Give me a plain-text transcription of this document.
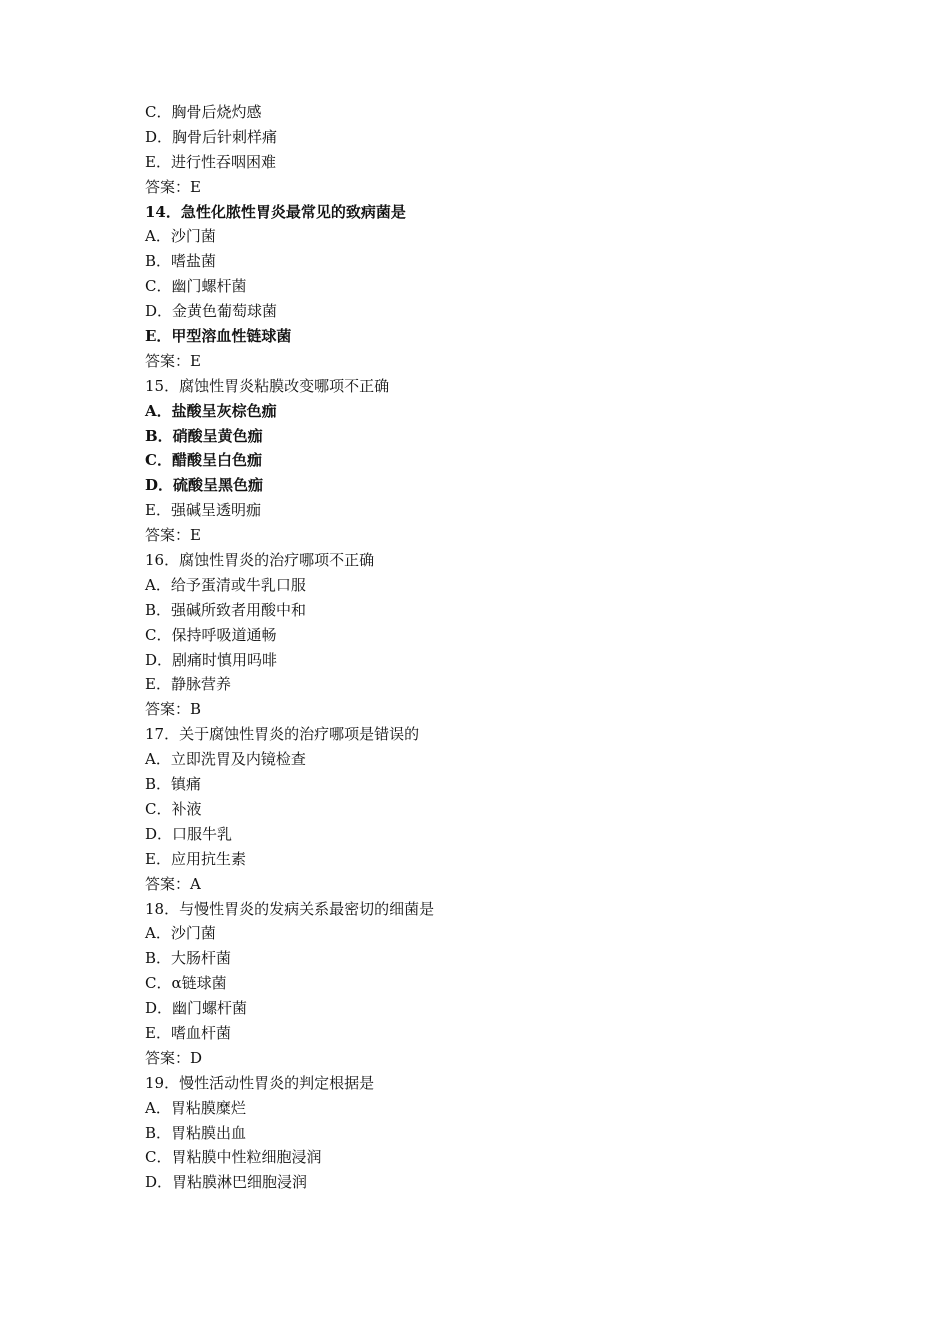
C．胸骨后烧灼感
D．胸骨后针刺样痛
E．进行性吞咽困难
答案：E
14．急性化脓性胃炎最常见的致病菌是
A．沙门菌
B．嗜盐菌
C．幽门螺杆菌
D．金黄色葡萄球菌
E．甲型溶血性链球菌
答案：E
15．腐蚀性胃炎粘膜改变哪项不正确
A．盐酸呈灰棕色痂
B．硝酸呈黄色痂
C．醋酸呈白色痂
D．硫酸呈黑色痂
E．强碱呈透明痂
答案：E
16．腐蚀性胃炎的治疗哪项不正确
A．给予蛋清或牛乳口服
B．强碱所致者用酸中和
C．保持呼吸道通畅
D．剧痛时慎用吗啡
E．静脉营养
答案：B
17．关于腐蚀性胃炎的治疗哪项是错误的
A．立即洗胃及内镜检查
B．镇痛
C．补液
D．口服牛乳
E．应用抗生素
答案：A
18．与慢性胃炎的发病关系最密切的细菌是
A．沙门菌
B．大肠杆菌
C．α链球菌
D．幽门螺杆菌
E．嗜血杆菌
答案：D
19．慢性活动性胃炎的判定根据是
A．胃粘膜糜烂
B．胃粘膜出血
C．胃粘膜中性粒细胞浸润
D．胃粘膜淋巴细胞浸润
